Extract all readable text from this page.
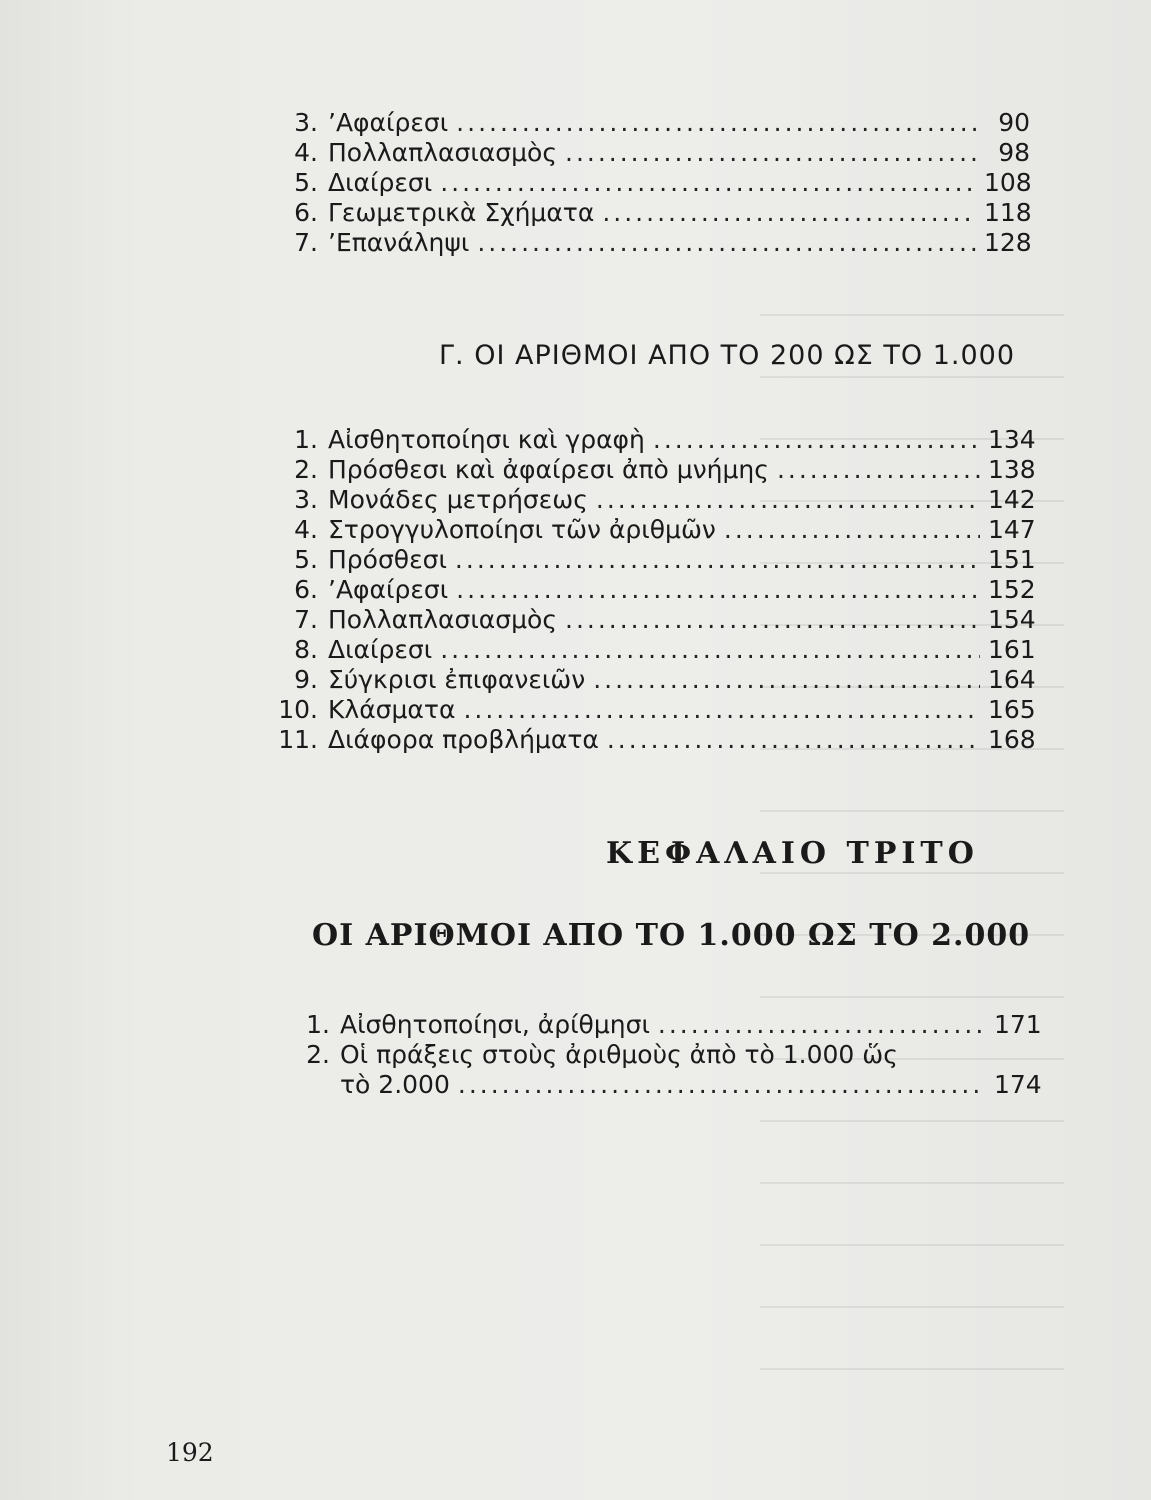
3. ’Αφαίρεσι .....	90
4. Πολλαπλασιασμὸς .....	98
5. Διαίρεσι .....	108
6. Γεωμετρικὰ Σχήματα .....	118
7. ’Επανάληψι .....	128
Γ. ΟΙ ΑΡΙΘΜΟΙ ΑΠΟ ΤΟ 200 ΩΣ ΤΟ 1.000
1. Αἰσθητοποίησι καὶ γραφὴ .....	134
2. Πρόσθεσι καὶ ἀφαίρεσι ἀπὸ μνήμης .....	138
3. Μονάδες μετρήσεως .....	142
4. Στρογγυλοποίησι τῶν ἀριθμῶν .....	147
5. Πρόσθεσι .....	151
6. ’Αφαίρεσι .....	152
7. Πολλαπλασιασμὸς .....	154
8. Διαίρεσι .....	161
9. Σύγκρισι ἐπιφανειῶν .....	164
10. Κλάσματα .....	165
11. Διάφορα προβλήματα .....	168
ΚΕΦΑΛΑΙΟ ΤΡΙΤΟ
ΟΙ ΑΡΙΘΜΟΙ ΑΠΟ ΤΟ 1.000 ΩΣ ΤΟ 2.000
1. Αἰσθητοποίησι, ἀρίθμησι .....	171
2. Οἱ πράξεις στοὺς ἀριθμοὺς ἀπὸ τὸ 1.000 ὥς
τὸ 2.000 .....	174
192
